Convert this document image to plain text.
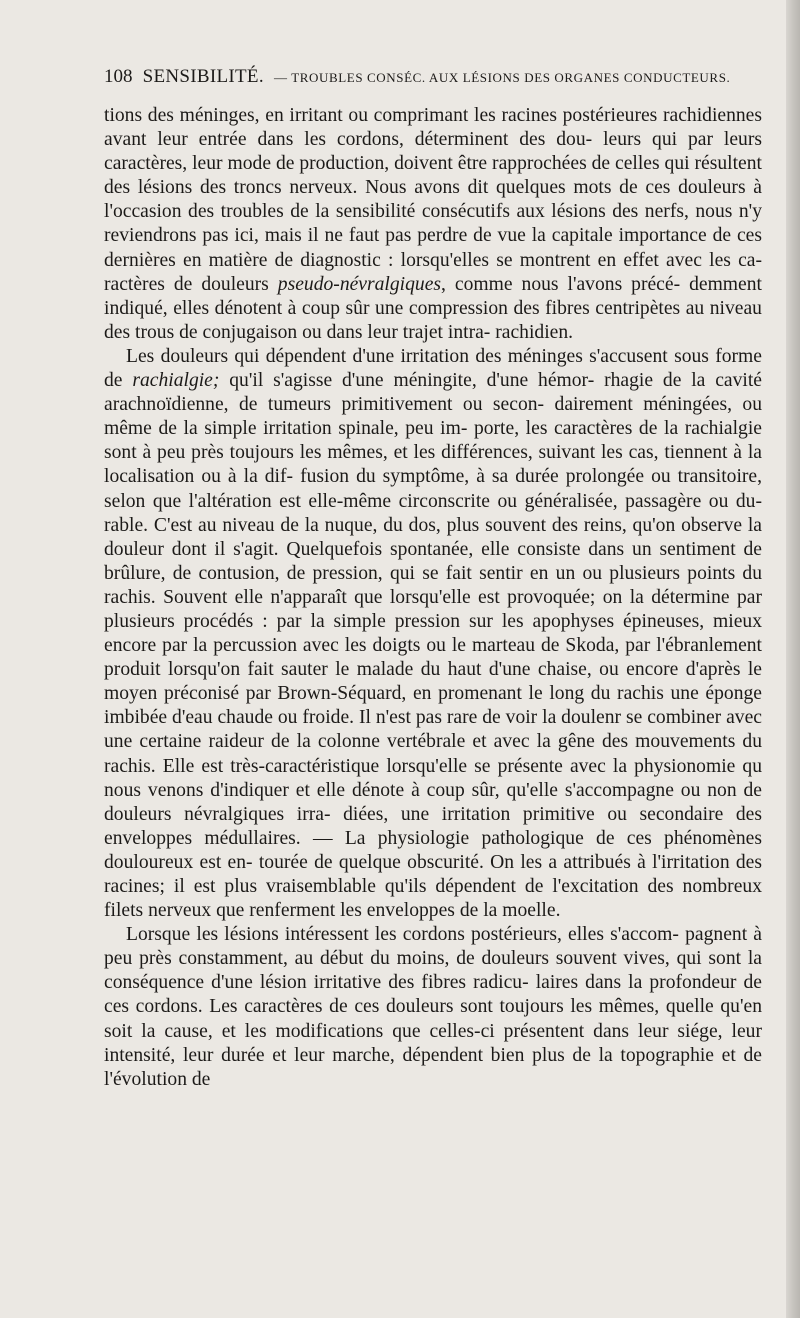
108 SENSIBILITÉ. — TROUBLES CONSÉC. AUX LÉSIONS DES ORGANES CONDUCTEURS.

tions des méninges, en irritant ou comprimant les racines postérieures rachidiennes avant leur entrée dans les cordons, déterminent des dou- leurs qui par leurs caractères, leur mode de production, doivent être rapprochées de celles qui résultent des lésions des troncs nerveux. Nous avons dit quelques mots de ces douleurs à l'occasion des troubles de la sensibilité consécutifs aux lésions des nerfs, nous n'y reviendrons pas ici, mais il ne faut pas perdre de vue la capitale importance de ces dernières en matière de diagnostic : lorsqu'elles se montrent en effet avec les ca- ractères de douleurs pseudo-névralgiques, comme nous l'avons précé- demment indiqué, elles dénotent à coup sûr une compression des fibres centripètes au niveau des trous de conjugaison ou dans leur trajet intra- rachidien.

Les douleurs qui dépendent d'une irritation des méninges s'accusent sous forme de rachialgie; qu'il s'agisse d'une méningite, d'une hémor- rhagie de la cavité arachnoïdienne, de tumeurs primitivement ou secon- dairement méningées, ou même de la simple irritation spinale, peu im- porte, les caractères de la rachialgie sont à peu près toujours les mêmes, et les différences, suivant les cas, tiennent à la localisation ou à la dif- fusion du symptôme, à sa durée prolongée ou transitoire, selon que l'altération est elle-même circonscrite ou généralisée, passagère ou du- rable. C'est au niveau de la nuque, du dos, plus souvent des reins, qu'on observe la douleur dont il s'agit. Quelquefois spontanée, elle consiste dans un sentiment de brûlure, de contusion, de pression, qui se fait sentir en un ou plusieurs points du rachis. Souvent elle n'apparaît que lorsqu'elle est provoquée; on la détermine par plusieurs procédés : par la simple pression sur les apophyses épineuses, mieux encore par la percussion avec les doigts ou le marteau de Skoda, par l'ébranlement produit lorsqu'on fait sauter le malade du haut d'une chaise, ou encore d'après le moyen préconisé par Brown-Séquard, en promenant le long du rachis une éponge imbibée d'eau chaude ou froide. Il n'est pas rare de voir la doulenr se combiner avec une certaine raideur de la colonne vertébrale et avec la gêne des mouvements du rachis. Elle est très-caractéristique lorsqu'elle se présente avec la physionomie qu nous venons d'indiquer et elle dénote à coup sûr, qu'elle s'accompagne ou non de douleurs névralgiques irra- diées, une irritation primitive ou secondaire des enveloppes médullaires. — La physiologie pathologique de ces phénomènes douloureux est en- tourée de quelque obscurité. On les a attribués à l'irritation des racines; il est plus vraisemblable qu'ils dépendent de l'excitation des nombreux filets nerveux que renferment les enveloppes de la moelle.

Lorsque les lésions intéressent les cordons postérieurs, elles s'accom- pagnent à peu près constamment, au début du moins, de douleurs souvent vives, qui sont la conséquence d'une lésion irritative des fibres radicu- laires dans la profondeur de ces cordons. Les caractères de ces douleurs sont toujours les mêmes, quelle qu'en soit la cause, et les modifications que celles-ci présentent dans leur siége, leur intensité, leur durée et leur marche, dépendent bien plus de la topographie et de l'évolution de
